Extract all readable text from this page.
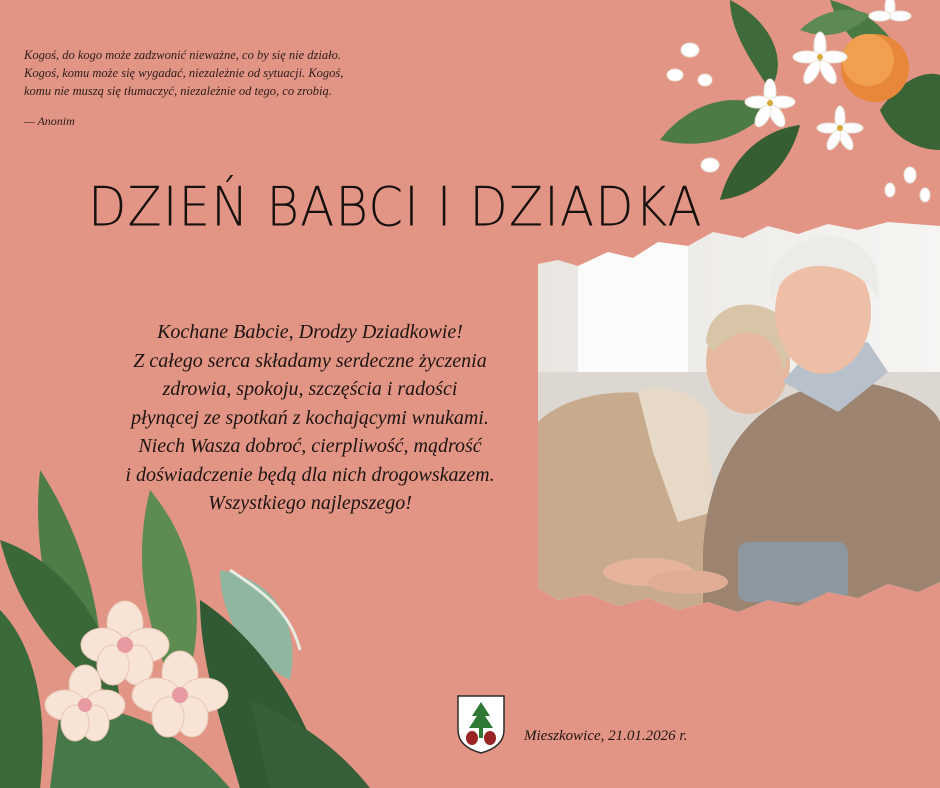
Kogoś, do kogo może zadzwonić nieważne, co by się nie działo.
Kogoś, komu może się wygadać, niezależnie od sytuacji. Kogoś,
komu nie muszą się tłumaczyć, niezależnie od tego, co zrobią.
— Anonim
DZIEŃ BABCI I DZIADKA
Kochane Babcie, Drodzy Dziadkowie!
Z całego serca składamy serdeczne życzenia
zdrowia, spokoju, szczęścia i radości
płynącej ze spotkań z kochającymi wnukami.
Niech Wasza dobroć, cierpliwość, mądrość
i doświadczenie będą dla nich drogowskazem.
Wszystkiego najlepszego!
Mieszkowice, 21.01.2026 r.
